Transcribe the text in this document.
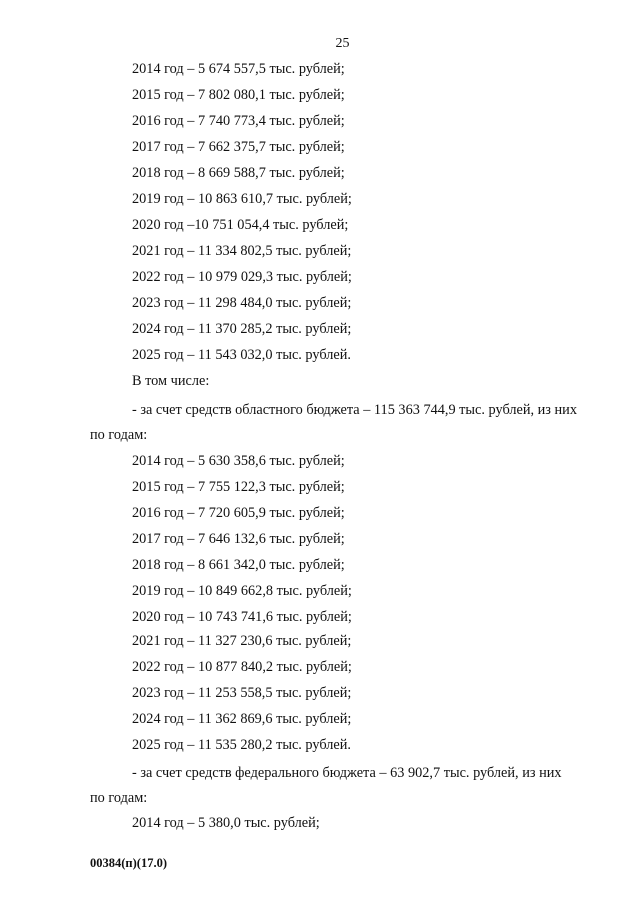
25
2014 год – 5 674 557,5 тыс. рублей;
2015 год – 7 802 080,1 тыс. рублей;
2016 год – 7 740 773,4 тыс. рублей;
2017 год – 7 662 375,7 тыс. рублей;
2018 год – 8 669 588,7 тыс. рублей;
2019 год – 10 863 610,7 тыс. рублей;
2020 год –10 751 054,4 тыс. рублей;
2021 год – 11 334 802,5 тыс. рублей;
2022 год – 10 979 029,3 тыс. рублей;
2023 год – 11 298 484,0 тыс. рублей;
2024 год – 11 370 285,2 тыс. рублей;
2025 год – 11 543 032,0 тыс. рублей.
В том числе:
- за счет средств областного бюджета – 115 363 744,9 тыс. рублей, из них
по годам:
2014 год – 5 630 358,6 тыс. рублей;
2015 год – 7 755 122,3 тыс. рублей;
2016 год – 7 720 605,9 тыс. рублей;
2017 год – 7 646 132,6 тыс. рублей;
2018 год – 8 661 342,0 тыс. рублей;
2019 год – 10 849 662,8 тыс. рублей;
2020 год – 10 743 741,6 тыс. рублей;
2021 год – 11 327 230,6 тыс. рублей;
2022 год – 10 877 840,2 тыс. рублей;
2023 год – 11 253 558,5 тыс. рублей;
2024 год – 11 362 869,6 тыс. рублей;
2025 год – 11 535 280,2 тыс. рублей.
- за счет средств федерального бюджета – 63 902,7 тыс. рублей, из них
по годам:
2014 год – 5 380,0 тыс. рублей;
00384(п)(17.0)
